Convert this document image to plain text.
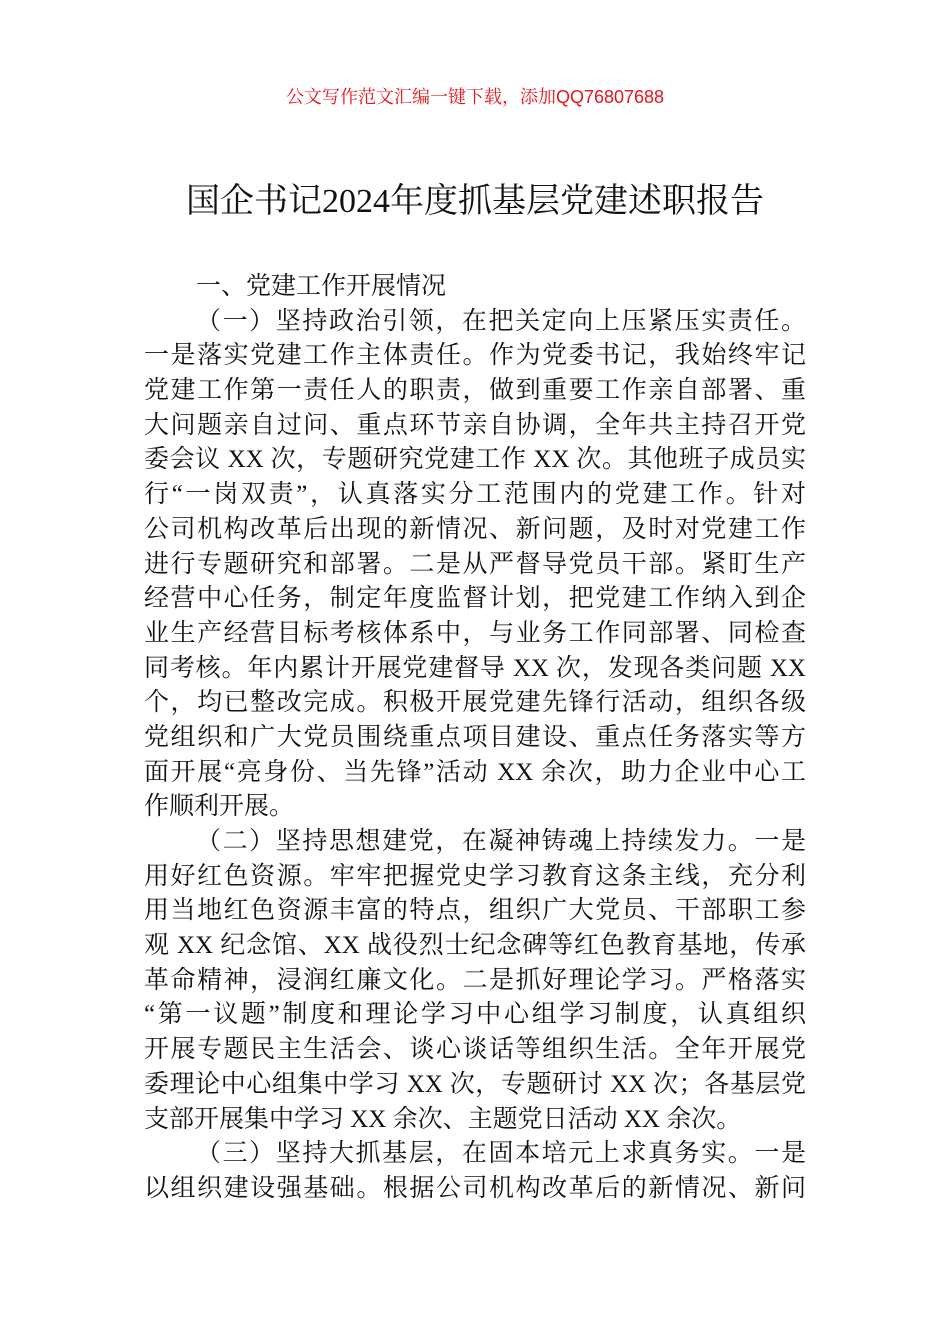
公文写作范文汇编一键下载，添加QQ76807688
国企书记2024年度抓基层党建述职报告
一、党建工作开展情况
（一）坚持政治引领，在把关定向上压紧压实责任。
一是落实党建工作主体责任。作为党委书记，我始终牢记
党建工作第一责任人的职责，做到重要工作亲自部署、重
大问题亲自过问、重点环节亲自协调，全年共主持召开党
委会议 XX 次，专题研究党建工作 XX 次。其他班子成员实
行“一岗双责”，认真落实分工范围内的党建工作。针对
公司机构改革后出现的新情况、新问题，及时对党建工作
进行专题研究和部署。二是从严督导党员干部。紧盯生产
经营中心任务，制定年度监督计划，把党建工作纳入到企
业生产经营目标考核体系中，与业务工作同部署、同检查
同考核。年内累计开展党建督导 XX 次，发现各类问题 XX
个，均已整改完成。积极开展党建先锋行活动，组织各级
党组织和广大党员围绕重点项目建设、重点任务落实等方
面开展“亮身份、当先锋”活动 XX 余次，助力企业中心工
作顺利开展。
（二）坚持思想建党，在凝神铸魂上持续发力。一是
用好红色资源。牢牢把握党史学习教育这条主线，充分利
用当地红色资源丰富的特点，组织广大党员、干部职工参
观 XX 纪念馆、XX 战役烈士纪念碑等红色教育基地，传承
革命精神，浸润红廉文化。二是抓好理论学习。严格落实
“第一议题”制度和理论学习中心组学习制度，认真组织
开展专题民主生活会、谈心谈话等组织生活。全年开展党
委理论中心组集中学习 XX 次，专题研讨 XX 次；各基层党
支部开展集中学习 XX 余次、主题党日活动 XX 余次。
（三）坚持大抓基层，在固本培元上求真务实。一是
以组织建设强基础。根据公司机构改革后的新情况、新问
